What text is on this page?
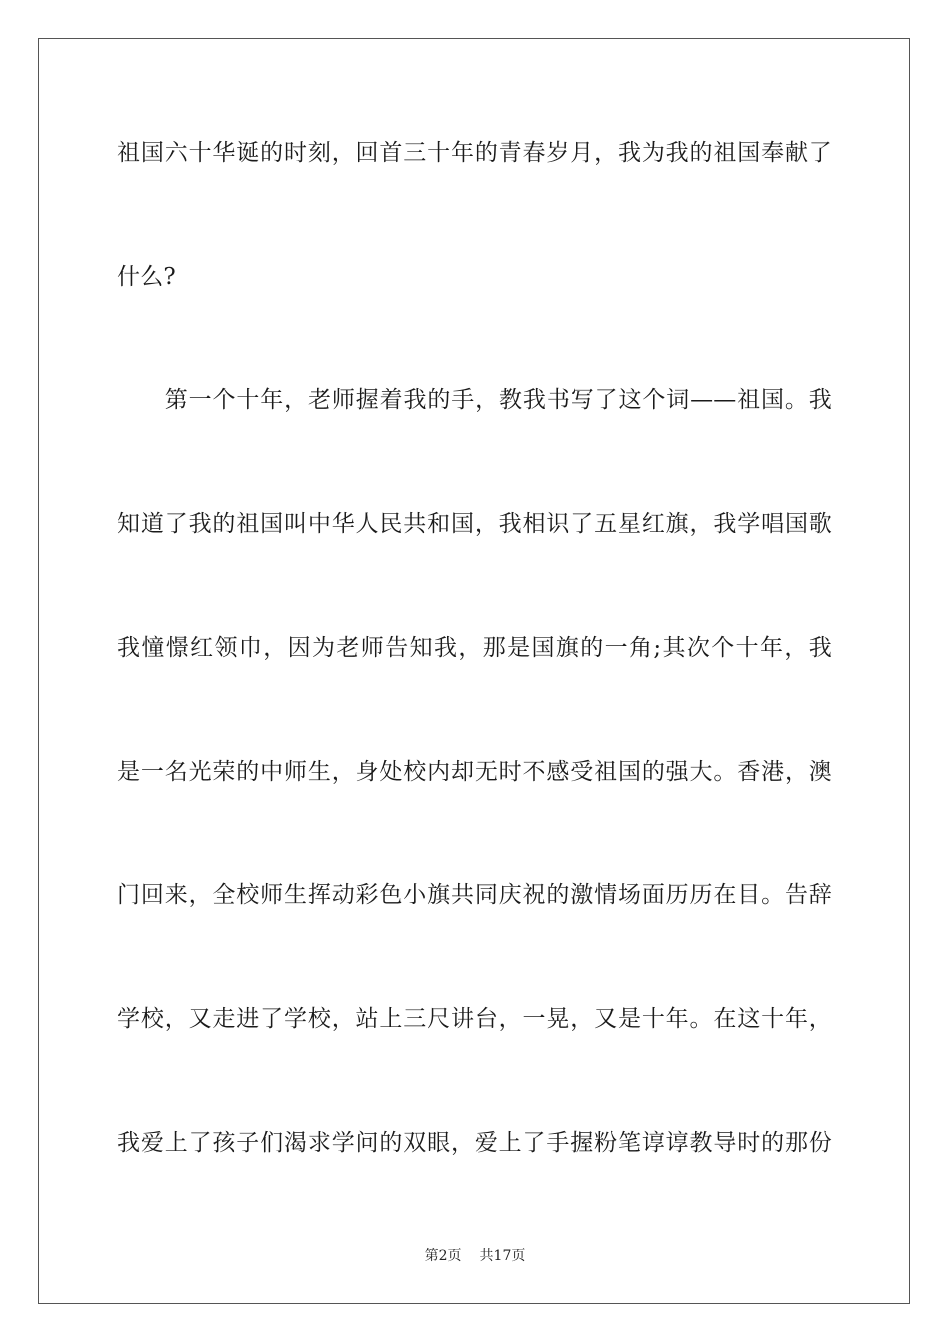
祖国六十华诞的时刻，回首三十年的青春岁月，我为我的祖国奉献了
什么?
　　第一个十年，老师握着我的手，教我书写了这个词——祖国。我
知道了我的祖国叫中华人民共和国，我相识了五星红旗，我学唱国歌
我憧憬红领巾，因为老师告知我，那是国旗的一角;其次个十年，我
是一名光荣的中师生，身处校内却无时不感受祖国的强大。香港，澳
门回来，全校师生挥动彩色小旗共同庆祝的激情场面历历在目。告辞
学校，又走进了学校，站上三尺讲台，一晃，又是十年。在这十年，
我爱上了孩子们渴求学问的双眼，爱上了手握粉笔谆谆教导时的那份
第2页 共17页
